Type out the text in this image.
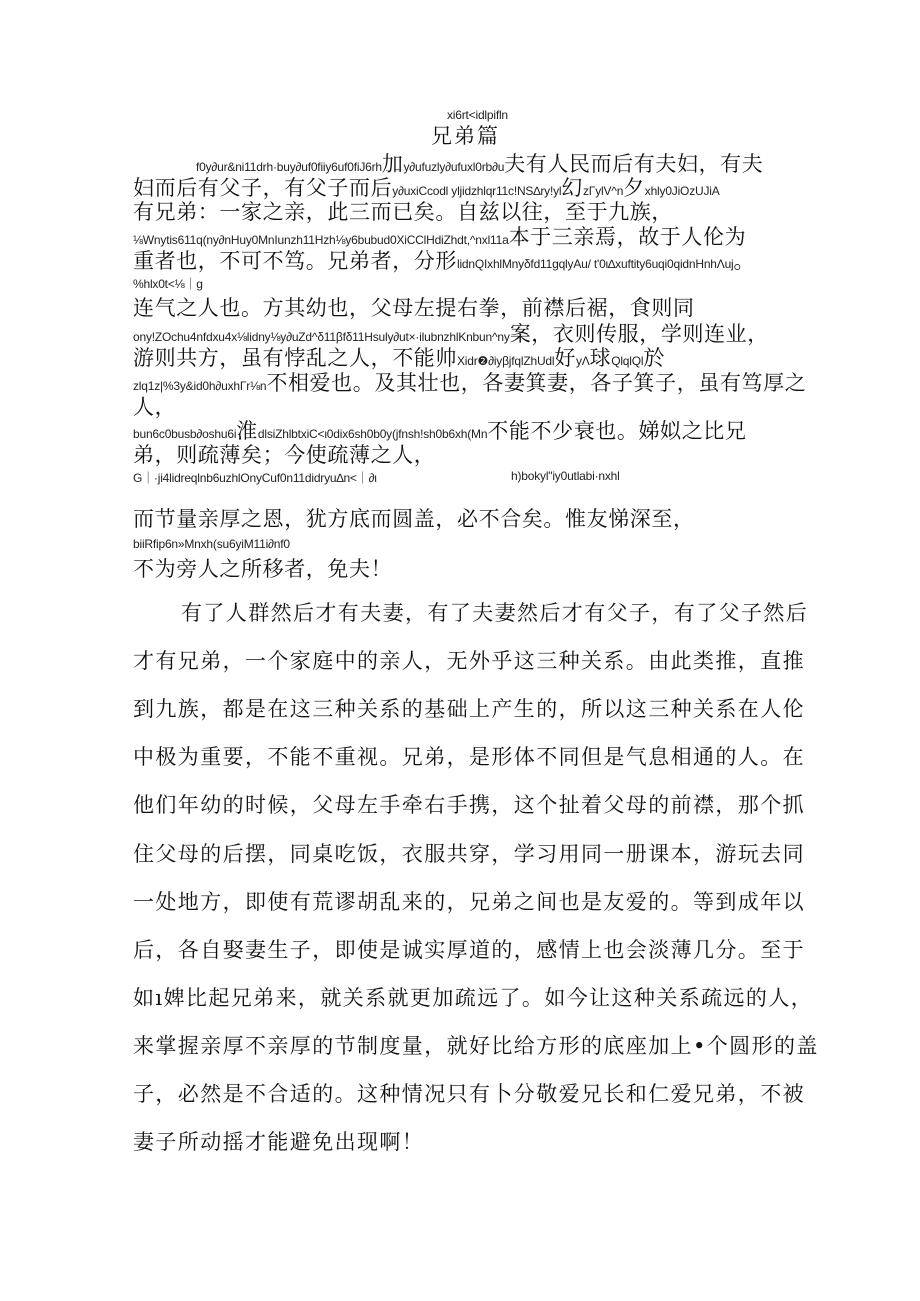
xi6rt<idlpifln
兄弟篇
f0y∂ur&ni11drh·buy∂uf0fiiy6uf0fiJ6rh加y∂ufuzly∂ufuxl0rb∂u夫有人民而后有夫妇，有夫
妇而后有父子，有父子而后y∂uxiCcodl yljidzhlqr11c!NS∆ry!yl幻zΓylV^n夕xhly0JiOzUJiA
有兄弟：一家之亲，此三而已矣。自兹以往，至于九族，
⅛Wnytis611q(ny∂nHuy0MnIunzh11Hzh⅛y6bubud0XiCClHdiZhdt,^nxl11a本于三亲焉，故于人伦为
重者也，不可不笃。兄弟者，分形lidnQIxhlMnyδfd11gqlyAu/ t'0ι∆xuftity6uqi0qidnHnhΛuj。
%hlx0t<⅛｜g
连气之人也。方其幼也，父母左提右拳，前襟后裾，食则同
ony!ZOchu4nfdxu4x⅛lidny⅛y∂uZd^δ11βfδ11Hsuly∂ut×·ilubnzhlKnbun^ny案，衣则传服，学则连业，
游则共方，虽有悖乱之人，不能帅Xidr❷∂iyβjfqlZhUdl好yΛ球QlqlQl於
zlq1z|%3y&id0h∂uxhΓr⅛n不相爱也。及其壮也，各妻箕妻，各子箕子，虽有笃厚之
人，
bun6c0busb∂oshu6i淮dlsiZhlbtxiC<ι0dix6sh0b0y(jfnsh!sh0b6xh(Mn不能不少衰也。娣姒之比兄
弟，则疏薄矣；今使疏薄之人，
G｜·ji4lidreqlnb6uzhlOnyCuf0n11didryu∆n<｜∂ι	h)bokyl"iy0utlabi·nxhl
而节量亲厚之恩，犹方底而圆盖，必不合矣。惟友悌深至，
biiRfip6n»Mnxh(su6yiM11i∂nf0
不为旁人之所移者，免夫！
有了人群然后才有夫妻，有了夫妻然后才有父子，有了父子然后
才有兄弟，一个家庭中的亲人，无外乎这三种关系。由此类推，直推
到九族，都是在这三种关系的基础上产生的，所以这三种关系在人伦
中极为重要，不能不重视。兄弟，是形体不同但是气息相通的人。在
他们年幼的时候，父母左手牵右手携，这个扯着父母的前襟，那个抓
住父母的后摆，同桌吃饭，衣服共穿，学习用同一册课本，游玩去同
一处地方，即使有荒谬胡乱来的，兄弟之间也是友爱的。等到成年以
后，各自娶妻生子，即使是诚实厚道的，感情上也会淡薄几分。至于
如ı婢比起兄弟来，就关系就更加疏远了。如今让这种关系疏远的人，
来掌握亲厚不亲厚的节制度量，就好比给方形的底座加上•个圆形的盖
子，必然是不合适的。这种情况只有卜分敬爱兄长和仁爱兄弟，不被
妻子所动摇才能避免出现啊！
